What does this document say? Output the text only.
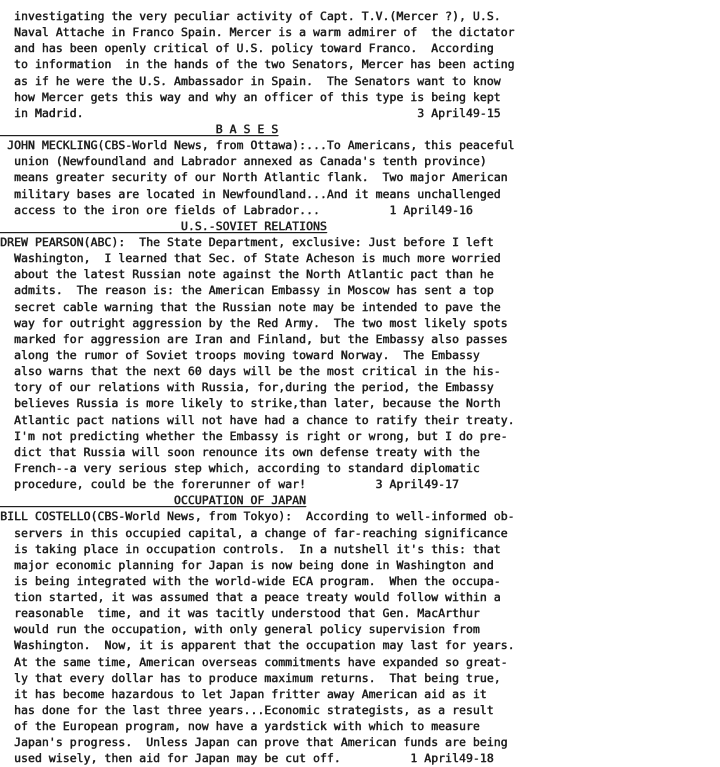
investigating the very peculiar activity of Capt. T.V.(Mercer ?), U.S.
Naval Attache in Franco Spain. Mercer is a warm admirer of  the dictator
and has been openly critical of U.S. policy toward Franco.  According
to information  in the hands of the two Senators, Mercer has been acting
as if he were the U.S. Ambassador in Spain.  The Senators want to know
how Mercer gets this way and why an officer of this type is being kept
in Madrid.                                                3 April49-15
B A S E S
JOHN MECKLING(CBS-World News, from Ottawa):...To Americans, this peaceful
union (Newfoundland and Labrador annexed as Canada's tenth province)
means greater security of our North Atlantic flank.  Two major American
military bases are located in Newfoundland...And it means unchallenged
access to the iron ore fields of Labrador...          1 April49-16
U.S.-SOVIET RELATIONS
DREW PEARSON(ABC):  The State Department, exclusive: Just before I left
Washington,  I learned that Sec. of State Acheson is much more worried
about the latest Russian note against the North Atlantic pact than he
admits.  The reason is: the American Embassy in Moscow has sent a top
secret cable warning that the Russian note may be intended to pave the
way for outright aggression by the Red Army.  The two most likely spots
marked for aggression are Iran and Finland, but the Embassy also passes
along the rumor of Soviet troops moving toward Norway.  The Embassy
also warns that the next 60 days will be the most critical in the his-
tory of our relations with Russia, for,during the period, the Embassy
believes Russia is more likely to strike,than later, because the North
Atlantic pact nations will not have had a chance to ratify their treaty.
I'm not predicting whether the Embassy is right or wrong, but I do pre-
dict that Russia will soon renounce its own defense treaty with the
French--a very serious step which, according to standard diplomatic
procedure, could be the forerunner of war!          3 April49-17
OCCUPATION OF JAPAN
BILL COSTELLO(CBS-World News, from Tokyo):  According to well-informed ob-
servers in this occupied capital, a change of far-reaching significance
is taking place in occupation controls.  In a nutshell it's this: that
major economic planning for Japan is now being done in Washington and
is being integrated with the world-wide ECA program.  When the occupa-
tion started, it was assumed that a peace treaty would follow within a
reasonable  time, and it was tacitly understood that Gen. MacArthur
would run the occupation, with only general policy supervision from
Washington.  Now, it is apparent that the occupation may last for years.
At the same time, American overseas commitments have expanded so great-
ly that every dollar has to produce maximum returns.  That being true,
it has become hazardous to let Japan fritter away American aid as it
has done for the last three years...Economic strategists, as a result
of the European program, now have a yardstick with which to measure
Japan's progress.  Unless Japan can prove that American funds are being
used wisely, then aid for Japan may be cut off.          1 April49-18
